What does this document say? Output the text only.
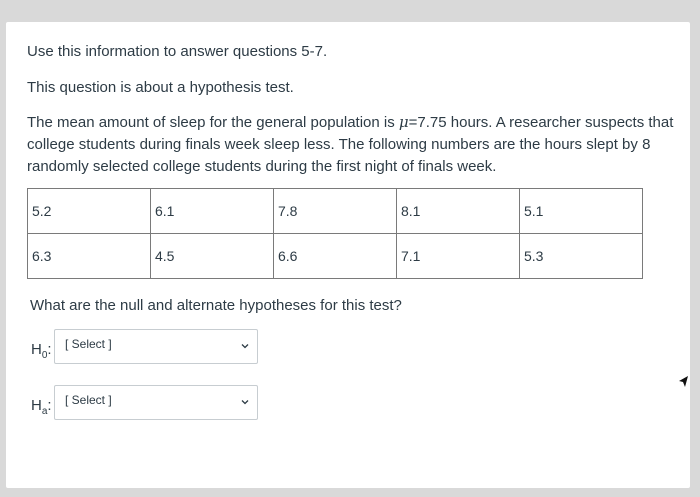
Use this information to answer questions 5-7.
This question is about a hypothesis test.
The mean amount of sleep for the general population is μ=7.75 hours. A researcher suspects that college students during finals week sleep less. The following numbers are the hours slept by 8 randomly selected college students during the first night of finals week.
5.2	6.1	7.8	8.1	5.1
6.3	4.5	6.6	7.1	5.3
What are the null and alternate hypotheses for this test?
$H_0$: [ Select ]
$H_a$: [ Select ]
